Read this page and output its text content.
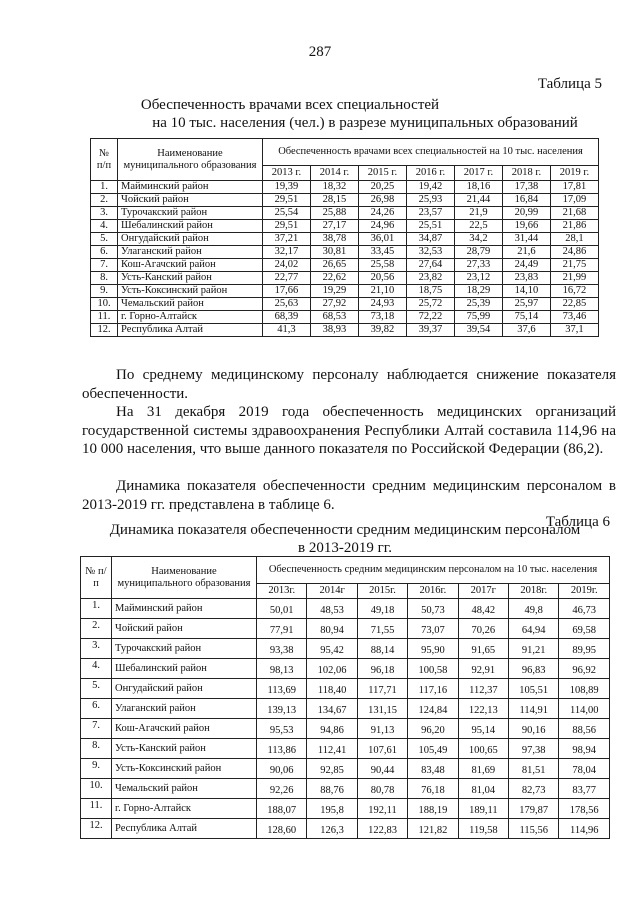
287
Таблица 5
Обеспеченность врачами всех специальностей
на 10 тыс. населения (чел.) в разрезе муниципальных образований
№ п/п	Наименование муниципального образования	Обеспеченность врачами всех специальностей на 10 тыс. населения						
		2013 г.	2014 г.	2015 г.	2016 г.	2017 г.	2018 г.	2019 г.
1.	Майминский район	19,39	18,32	20,25	19,42	18,16	17,38	17,81
2.	Чойский район	29,51	28,15	26,98	25,93	21,44	16,84	17,09
3.	Турочакский район	25,54	25,88	24,26	23,57	21,9	20,99	21,68
4.	Шебалинский район	29,51	27,17	24,96	25,51	22,5	19,66	21,86
5.	Онгудайский район	37,21	38,78	36,01	34,87	34,2	31,44	28,1
6.	Улаганский район	32,17	30,81	33,45	32,53	28,79	21,6	24,86
7.	Кош-Агачский район	24,02	26,65	25,58	27,64	27,33	24,49	21,75
8.	Усть-Канский район	22,77	22,62	20,56	23,82	23,12	23,83	21,99
9.	Усть-Коксинский район	17,66	19,29	21,10	18,75	18,29	14,10	16,72
10.	Чемальский район	25,63	27,92	24,93	25,72	25,39	25,97	22,85
11.	г. Горно-Алтайск	68,39	68,53	73,18	72,22	75,99	75,14	73,46
12.	Республика Алтай	41,3	38,93	39,82	39,37	39,54	37,6	37,1
По среднему медицинскому персоналу наблюдается снижение показателя обеспеченности.
На 31 декабря 2019 года обеспеченность медицинских организаций государственной системы здравоохранения Республики Алтай составила 114,96 на 10 000 населения, что выше данного показателя по Российской Федерации (86,2).
Динамика показателя обеспеченности средним медицинским персоналом в 2013-2019 гг. представлена в таблице 6.
Таблица 6
Динамика показателя обеспеченности средним медицинским персоналом
в 2013-2019 гг.
№ п/п	Наименование муниципального образования	Обеспеченность средним медицинским персоналом на 10 тыс. населения						
		2013г.	2014г	2015г.	2016г.	2017г	2018г.	2019г.
1.	Майминский район	50,01	48,53	49,18	50,73	48,42	49,8	46,73
2.	Чойский район	77,91	80,94	71,55	73,07	70,26	64,94	69,58
3.	Турочакский район	93,38	95,42	88,14	95,90	91,65	91,21	89,95
4.	Шебалинский район	98,13	102,06	96,18	100,58	92,91	96,83	96,92
5.	Онгудайский район	113,69	118,40	117,71	117,16	112,37	105,51	108,89
6.	Улаганский район	139,13	134,67	131,15	124,84	122,13	114,91	114,00
7.	Кош-Агачский район	95,53	94,86	91,13	96,20	95,14	90,16	88,56
8.	Усть-Канский район	113,86	112,41	107,61	105,49	100,65	97,38	98,94
9.	Усть-Коксинский район	90,06	92,85	90,44	83,48	81,69	81,51	78,04
10.	Чемальский район	92,26	88,76	80,78	76,18	81,04	82,73	83,77
11.	г. Горно-Алтайск	188,07	195,8	192,11	188,19	189,11	179,87	178,56
12.	Республика Алтай	128,60	126,3	122,83	121,82	119,58	115,56	114,96
